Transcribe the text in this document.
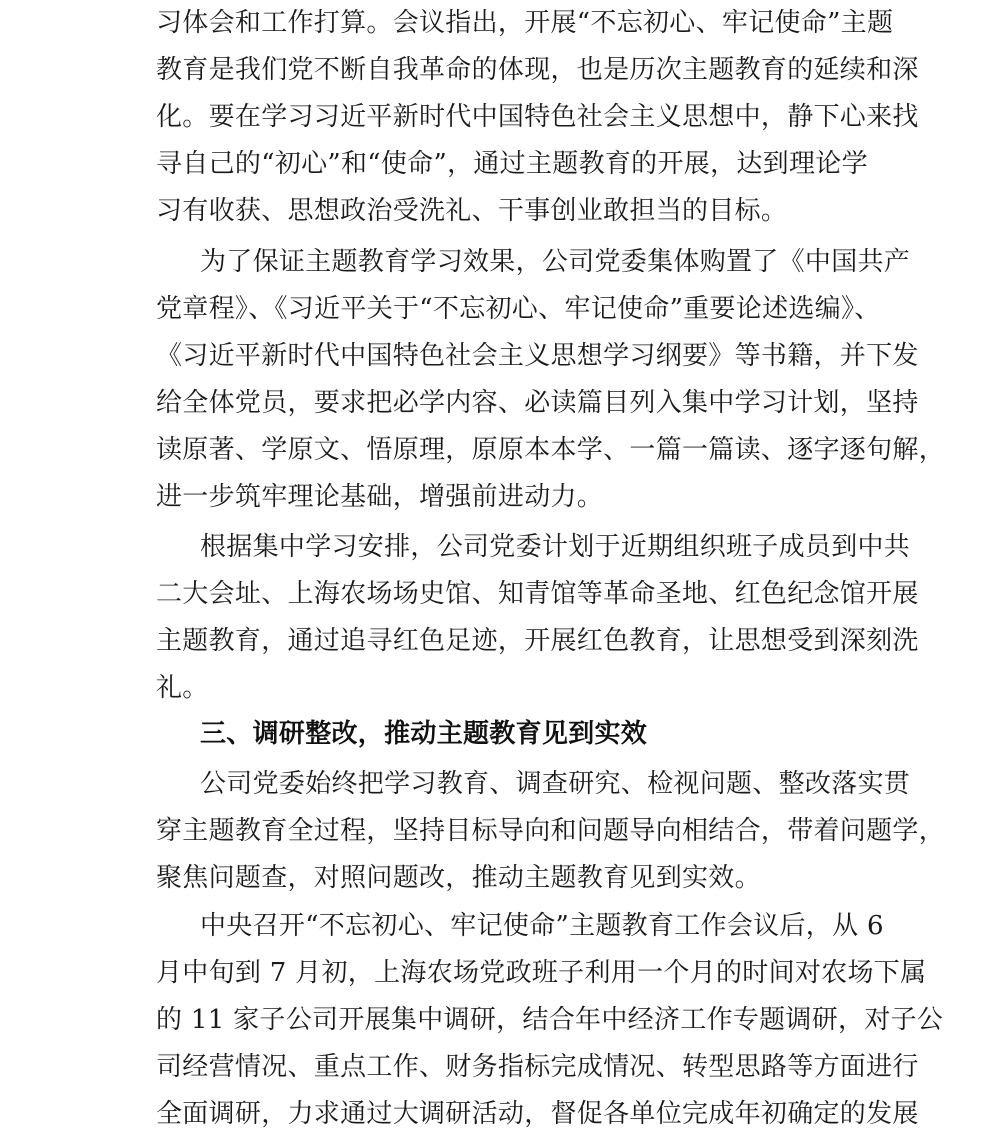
习体会和工作打算。会议指出，开展“不忘初心、牢记使命”主题
教育是我们党不断自我革命的体现，也是历次主题教育的延续和深
化。要在学习习近平新时代中国特色社会主义思想中，静下心来找
寻自己的“初心”和“使命”，通过主题教育的开展，达到理论学
习有收获、思想政治受洗礼、干事创业敢担当的目标。
为了保证主题教育学习效果，公司党委集体购置了《中国共产
党章程》、《习近平关于“不忘初心、牢记使命”重要论述选编》、
《习近平新时代中国特色社会主义思想学习纲要》等书籍，并下发
给全体党员，要求把必学内容、必读篇目列入集中学习计划，坚持
读原著、学原文、悟原理，原原本本学、一篇一篇读、逐字逐句解，
进一步筑牢理论基础，增强前进动力。
根据集中学习安排，公司党委计划于近期组织班子成员到中共
二大会址、上海农场场史馆、知青馆等革命圣地、红色纪念馆开展
主题教育，通过追寻红色足迹，开展红色教育，让思想受到深刻洗
礼。
三、调研整改，推动主题教育见到实效
公司党委始终把学习教育、调查研究、检视问题、整改落实贯
穿主题教育全过程，坚持目标导向和问题导向相结合，带着问题学，
聚焦问题查，对照问题改，推动主题教育见到实效。
中央召开“不忘初心、牢记使命”主题教育工作会议后，从 6
月中旬到 7 月初，上海农场党政班子利用一个月的时间对农场下属
的 11 家子公司开展集中调研，结合年中经济工作专题调研，对子公
司经营情况、重点工作、财务指标完成情况、转型思路等方面进行
全面调研，力求通过大调研活动，督促各单位完成年初确定的发展
